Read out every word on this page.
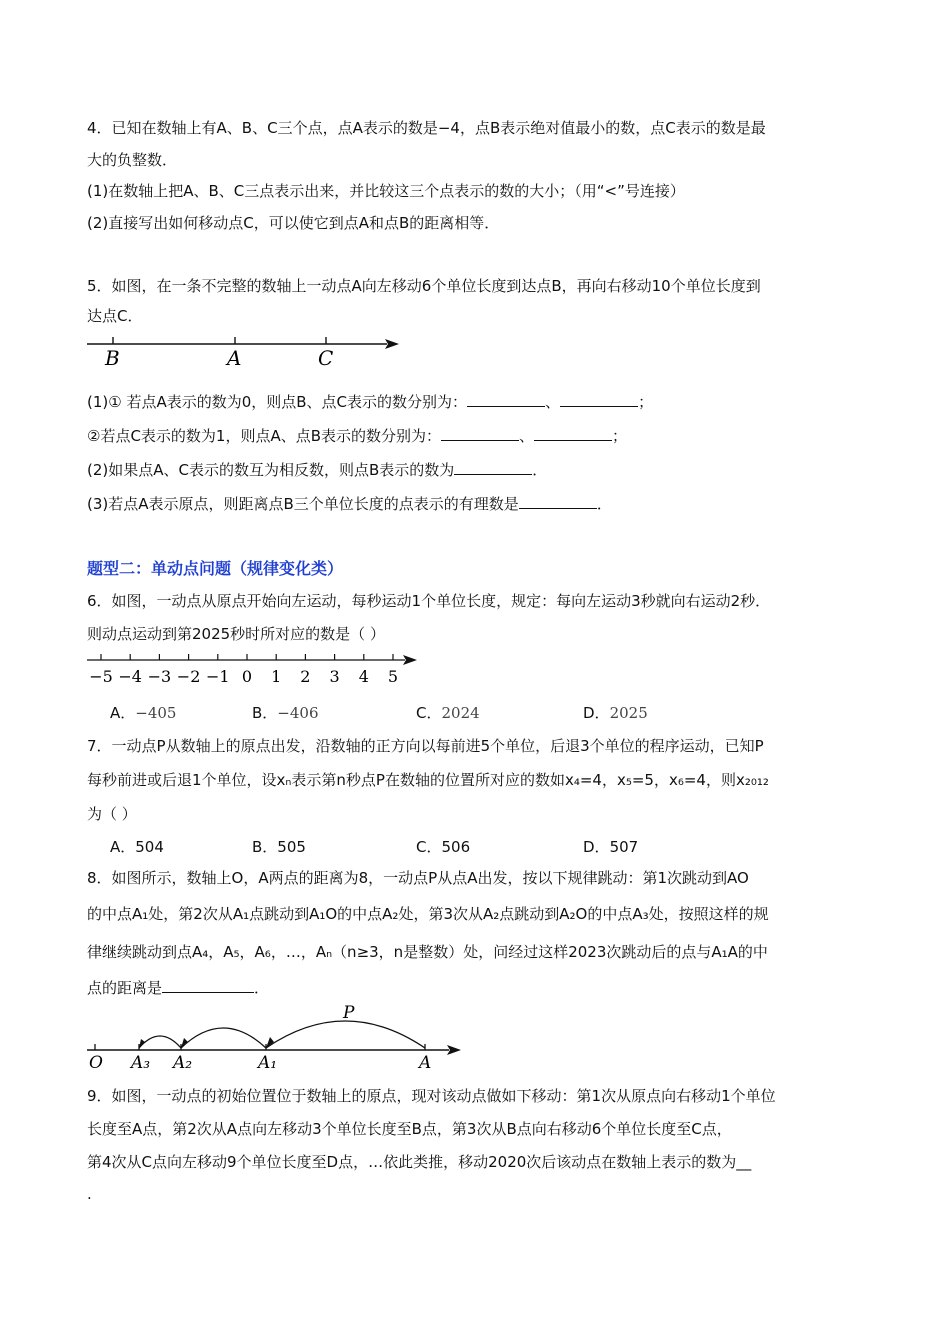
4．已知在数轴上有A、B、C三个点，点A表示的数是−4，点B表示绝对值最小的数，点C表示的数是最
大的负整数．
(1)在数轴上把A、B、C三点表示出来，并比较这三个点表示的数的大小；（用“<”号连接）
(2)直接写出如何移动点C，可以使它到点A和点B的距离相等．
5．如图，在一条不完整的数轴上一动点A向左移动6个单位长度到达点B，再向右移动10个单位长度到
达点C．
B	A	C
(1)① 若点A表示的数为0，则点B、点C表示的数分别为：	、	；
②若点C表示的数为1，则点A、点B表示的数分别为：	、	；
(2)如果点A、C表示的数互为相反数，则点B表示的数为	．
(3)若点A表示原点，则距离点B三个单位长度的点表示的有理数是	．
题型二：单动点问题（规律变化类）
6．如图，一动点从原点开始向左运动，每秒运动1个单位长度，规定：每向左运动3秒就向右运动2秒．
则动点运动到第2025秒时所对应的数是（ ）
−5 −4 −3 −2 −1 0 1 2 3 4 5
A．−405	B．−406	C．2024	D．2025
7．一动点P从数轴上的原点出发，沿数轴的正方向以每前进5个单位，后退3个单位的程序运动，已知P
每秒前进或后退1个单位，设xₙ表示第n秒点P在数轴的位置所对应的数如x₄=4，x₅=5，x₆=4，则x₂₀₁₂
为（ ）
A．504	B．505	C．506	D．507
8．如图所示，数轴上O，A两点的距离为8，一动点P从点A出发，按以下规律跳动：第1次跳动到AO
的中点A₁处，第2次从A₁点跳动到A₁O的中点A₂处，第3次从A₂点跳动到A₂O的中点A₃处，按照这样的规
律继续跳动到点A₄，A₅，A₆，…，Aₙ（n≥3，n是整数）处，问经过这样2023次跳动后的点与A₁A的中
点的距离是	．
O A₃ A₂	A₁	A
P
9．如图，一动点的初始位置位于数轴上的原点，现对该动点做如下移动：第1次从原点向右移动1个单位
长度至A点，第2次从A点向左移动3个单位长度至B点，第3次从B点向右移动6个单位长度至C点，
第4次从C点向左移动9个单位长度至D点，…依此类推，移动2020次后该动点在数轴上表示的数为__
.
